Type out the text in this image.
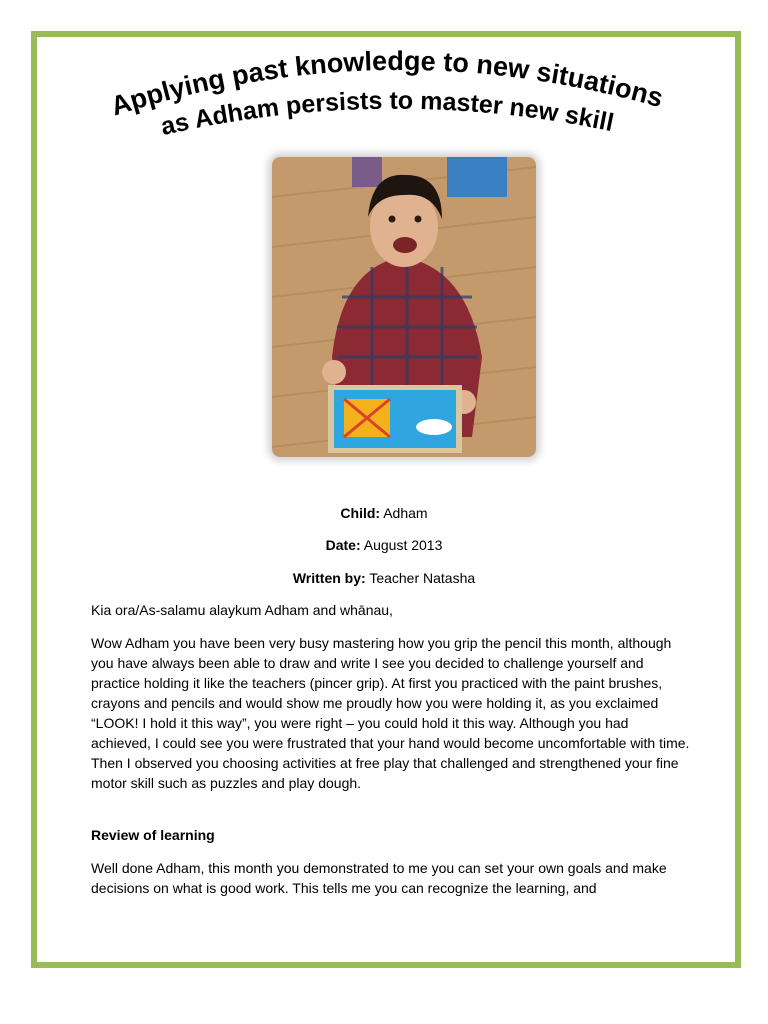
Applying past knowledge to new situations
as Adham persists to master new skill
Child: Adham
Date: August 2013
Written by: Teacher Natasha
Kia ora/As-salamu alaykum Adham and whānau,
Wow Adham you have been very busy mastering how you grip the pencil this month, although you have always been able to draw and write I see you decided to challenge yourself and practice holding it like the teachers (pincer grip). At first you practiced with the paint brushes, crayons and pencils and would show me proudly how you were holding it, as you exclaimed “LOOK! I hold it this way”, you were right – you could hold it this way. Although you had achieved, I could see you were frustrated that your hand would become uncomfortable with time. Then I observed you choosing activities at free play that challenged and strengthened your fine motor skill such as puzzles and play dough.
Review of learning
Well done Adham, this month you demonstrated to me you can set your own goals and make decisions on what is good work. This tells me you can recognize the learning, and
